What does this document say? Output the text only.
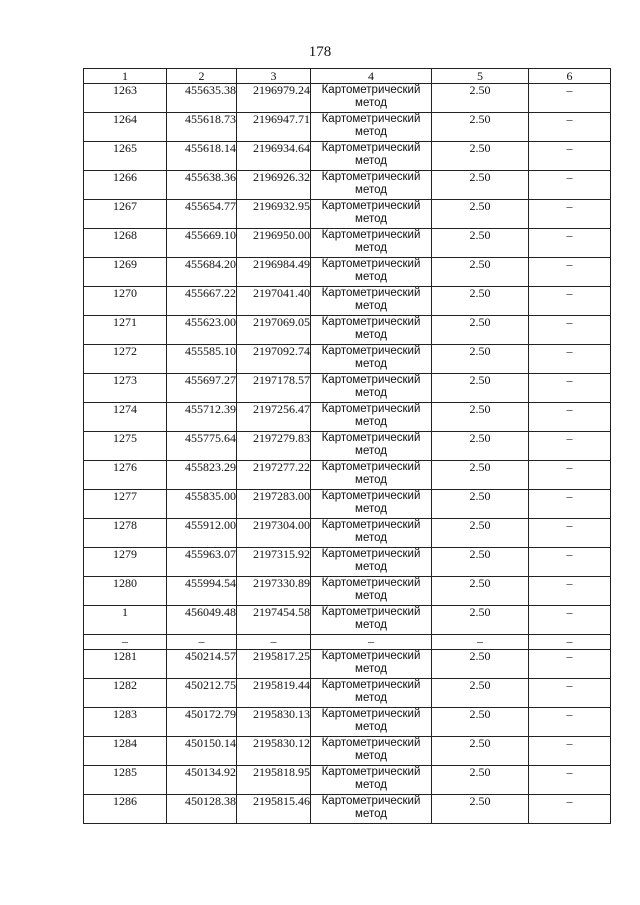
178
1	2	3	4	5	6
1263	455635.38	2196979.24	Картометрический
метод	2.50	–
1264	455618.73	2196947.71	Картометрический
метод	2.50	–
1265	455618.14	2196934.64	Картометрический
метод	2.50	–
1266	455638.36	2196926.32	Картометрический
метод	2.50	–
1267	455654.77	2196932.95	Картометрический
метод	2.50	–
1268	455669.10	2196950.00	Картометрический
метод	2.50	–
1269	455684.20	2196984.49	Картометрический
метод	2.50	–
1270	455667.22	2197041.40	Картометрический
метод	2.50	–
1271	455623.00	2197069.05	Картометрический
метод	2.50	–
1272	455585.10	2197092.74	Картометрический
метод	2.50	–
1273	455697.27	2197178.57	Картометрический
метод	2.50	–
1274	455712.39	2197256.47	Картометрический
метод	2.50	–
1275	455775.64	2197279.83	Картометрический
метод	2.50	–
1276	455823.29	2197277.22	Картометрический
метод	2.50	–
1277	455835.00	2197283.00	Картометрический
метод	2.50	–
1278	455912.00	2197304.00	Картометрический
метод	2.50	–
1279	455963.07	2197315.92	Картометрический
метод	2.50	–
1280	455994.54	2197330.89	Картометрический
метод	2.50	–
1	456049.48	2197454.58	Картометрический
метод	2.50	–
–	–	–	–	–	–
1281	450214.57	2195817.25	Картометрический
метод	2.50	–
1282	450212.75	2195819.44	Картометрический
метод	2.50	–
1283	450172.79	2195830.13	Картометрический
метод	2.50	–
1284	450150.14	2195830.12	Картометрический
метод	2.50	–
1285	450134.92	2195818.95	Картометрический
метод	2.50	–
1286	450128.38	2195815.46	Картометрический
метод	2.50	–
